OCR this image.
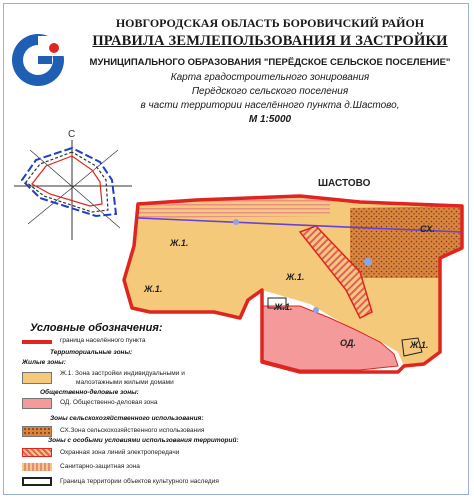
НОВГОРОДСКАЯ ОБЛАСТЬ БОРОВИЧСКИЙ РАЙОН
ПРАВИЛА ЗЕМЛЕПОЛЬЗОВАНИЯ И ЗАСТРОЙКИ
МУНИЦИПАЛЬНОГО ОБРАЗОВАНИЯ "ПЕРЁДСКОЕ СЕЛЬСКОЕ ПОСЕЛЕНИЕ"
Карта градостроительного зонирования
Перёдского сельского поселения
в части территории населённого пункта д.Шастово,
М 1:5000
С
ШАСТОВО
Ж.1.
Ж.1.
Ж.1.
Ж.1.
Ж.1.
ОД.
СХ.
Условные обозначения:
граница населённого пункта
Территориальные зоны:
Жилые зоны:
Ж.1. Зона застройки индивидуальными и
малоэтажными жилыми домами
Общественно-деловые зоны:
ОД. Общественно-деловая зона
Зоны сельскохозяйственного использования:
СХ.Зона сельскохозяйственного использования
Зоны с особыми условиями использования территорий:
Охранная зона линий электропередачи
Санитарно-защитная зона
Граница территории объектов культурного наследия
